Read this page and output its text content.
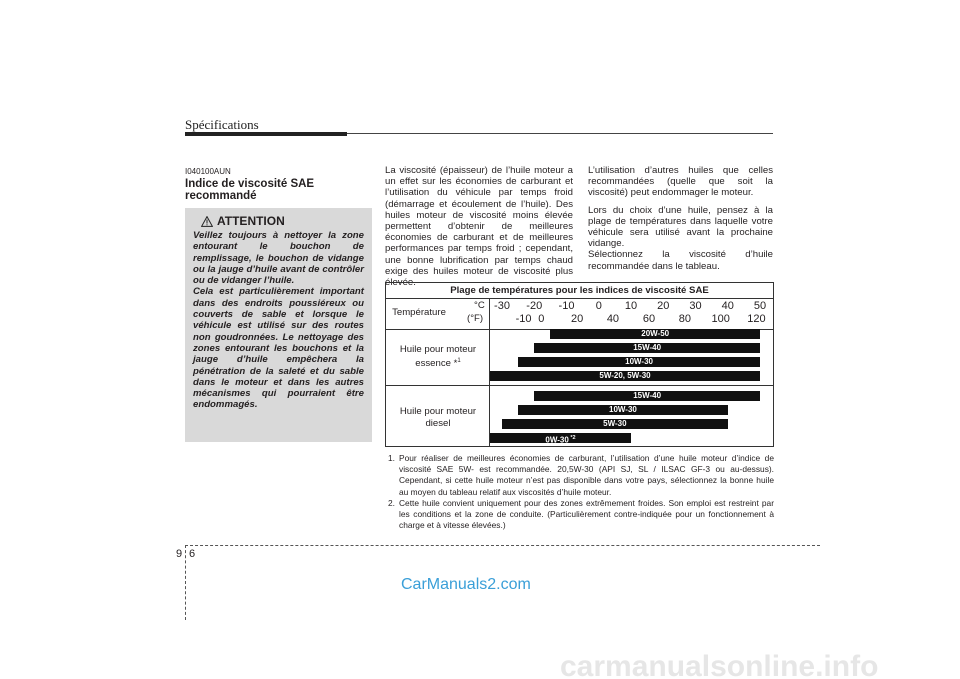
Spécifications
I040100AUN
Indice de viscosité SAE recommandé
ATTENTION

Veillez toujours à nettoyer la zone entourant le bouchon de remplissage, le bouchon de vidange ou la jauge d’huile avant de contrôler ou de vidanger l’huile.

Cela est particulièrement important dans des endroits poussiéreux ou couverts de sable et lorsque le véhicule est utilisé sur des routes non goudronnées. Le nettoyage des zones entourant les bouchons et la jauge d’huile empêchera la pénétration de la saleté et du sable dans le moteur et dans les autres mécanismes qui pourraient être endommagés.

La viscosité (épaisseur) de l’huile moteur a un effet sur les économies de carburant et l’utilisation du véhicule par temps froid (démarrage et écoulement de l’huile). Des huiles moteur de viscosité moins élevée permettent d’obtenir de meilleures économies de carburant et de meilleures performances par temps froid ; cependant, une bonne lubrification par temps chaud exige des huiles moteur de viscosité plus élevée.

L’utilisation d’autres huiles que celles recommandées (quelle que soit la viscosité) peut endommager le moteur.

Lors du choix d’une huile, pensez à la plage de températures dans laquelle votre véhicule sera utilisé avant la prochaine vidange.

Sélectionnez la viscosité d’huile recommandée dans le tableau.

Plage de températures pour les indices de viscosité SAE
Température
°C
(°F)
Huile pour moteur
essence *$^1$
Huile pour moteur
diesel
-30 -20 -10 0 10 20 30 40 50
-10 0 20 40 60 80 100 120
20W-50
15W-40
10W-30
5W-20, 5W-30
15W-40
10W-30
5W-30
0W-30 $^{*2}$
1. Pour réaliser de meilleures économies de carburant, l’utilisation d’une huile moteur d’indice de viscosité SAE 5W- est recommandée. 20,5W-30 (API SJ, SL / ILSAC GF-3 ou au-dessus). Cependant, si cette huile moteur n’est pas disponible dans votre pays, sélectionnez la bonne huile au moyen du tableau relatif aux viscosités d’huile moteur.
2. Cette huile convient uniquement pour des zones extrêmement froides. Son emploi est restreint par les conditions et la zone de conduite. (Particulièrement contre-indiquée pour un fonctionnement à charge et à vitesse élevées.)
9 6
CarManuals2.com
carmanualsonline.info
